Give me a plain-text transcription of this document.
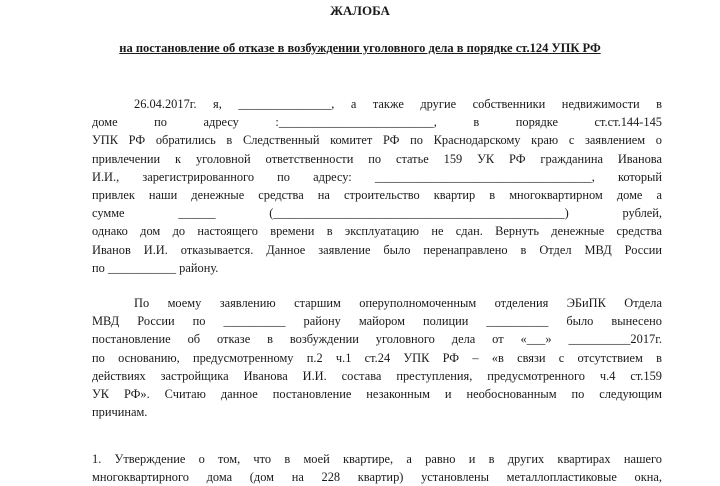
ЖАЛОБА
на постановление об отказе в возбуждении уголовного дела в порядке ст.124 УПК РФ
26.04.2017г. я, _______________, а также другие собственники недвижимости в
доме по адресу :_________________________, в порядке ст.ст.144-145
УПК РФ обратились в Следственный комитет РФ по Краснодарскому краю с заявлением о
привлечении к уголовной ответственности по статье 159 УК РФ гражданина Иванова
И.И., зарегистрированного по адресу: ___________________________________, который
привлек наши денежные средства на строительство квартир в многоквартирном доме а
сумме ______ (_______________________________________________) рублей,
однако дом до настоящего времени в эксплуатацию не сдан. Вернуть денежные средства
Иванов И.И. отказывается. Данное заявление было перенаправлено в Отдел МВД России
по ___________ району.
По моему заявлению старшим оперуполномоченным отделения ЭБиПК Отдела
МВД России по __________ району майором полиции __________ было вынесено
постановление об отказе в возбуждении уголовного дела от «___» __________2017г.
по основанию, предусмотренному п.2 ч.1 ст.24 УПК РФ – «в связи с отсутствием в
действиях застройщика Иванова И.И. состава преступления, предусмотренного ч.4 ст.159
УК РФ». Считаю данное постановление незаконным и необоснованным по следующим
причинам.
1. Утверждение о том, что в моей квартире, а равно и в других квартирах нашего
многоквартирного дома (дом на 228 квартир) установлены металлопластиковые окна,
